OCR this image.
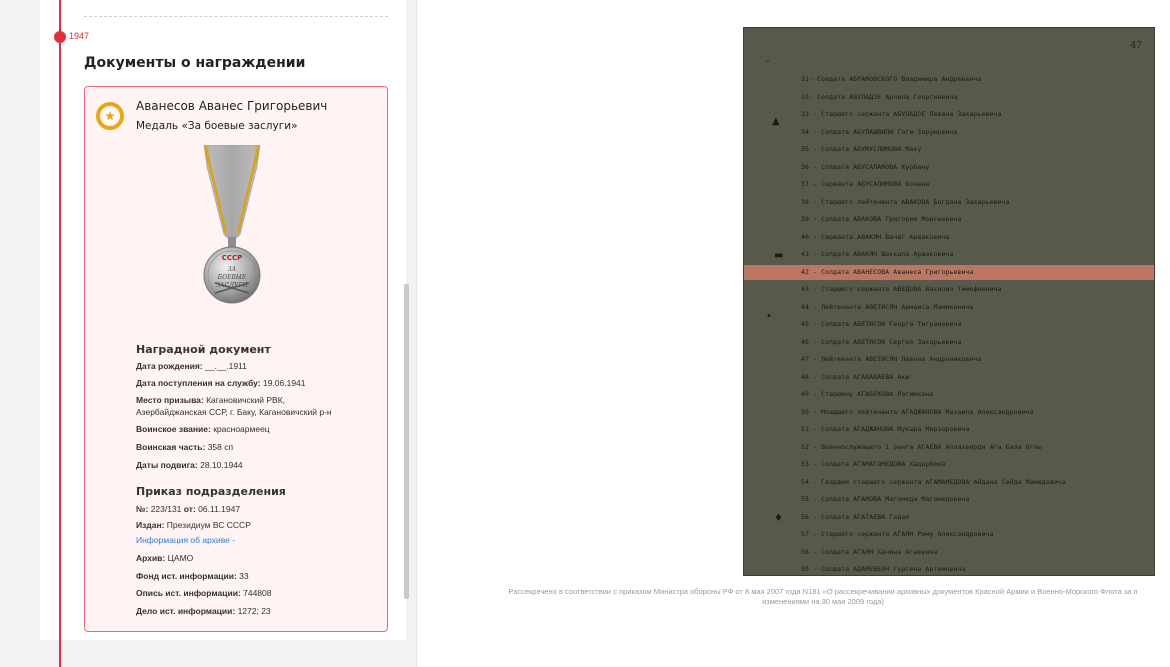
1947
Документы о награждении
Аванесов Аванес Григорьевич
Медаль «За боевые заслуги»
СССР
ЗА
БОЕВЫЕ
ЗАСЛУГИ
Наградной документ
Дата рождения: __.__.1911
Дата поступления на службу: 19.06.1941
Место призыва: Кагановичский РВК,
Азербайджанская ССР, г. Баку, Кагановичский р-н
Воинское звание: красноармеец
Воинская часть: 358 сп
Даты подвига: 28.10.1944
Приказ подразделения
№: 223/131 от: 06.11.1947
Издан: Президиум ВС СССР
Информация об архиве -
Архив: ЦАМО
Фонд ист. информации: 33
Опись ист. информации: 744808
Дело ист. информации: 1272; 23
47
-
▲
▬
•
♦
31- Солдата АБРАМОВСКОГО Владимира Андреевича
32- Солдата АБУЛАДЗЕ Арчила Георгиевича
33 - Старшего сержанта АБУЛАДЗЕ Левана Захарьевича
34 - Солдата АБУЛАШВИЛИ Гоги Зарумовича
35 - Солдата АБУМУСЛИМОВА Маху
36 - Солдата АБУСАЛАМОВА Курбану
37 - Сержанта АБУСАЛИМОВА Османа
38 - Старшего лейтенанта АВАКОВА Богдана Захарьевича
39 - Солдата АВАКОВА Григория Моисеевича
40 - Сержанта АВАКЯН Вачаг Аршаковича
41 - Солдата АВАКЯН Шахкала Аршаковича
42 - Солдата АВАНЕСОВА Аванеса Григорьевича
43 - Старшего сержанта АВЕДОВА Василия Тимофеевича
44 - Лейтенанта АВЕТИСЯН Армаиса Мамиконича
45 - Солдата АВЕТИСОВ Георга Тиграновича
46 - Солдата АВЕТИСОВ Сергея Захарьевича
47 - Лейтенанта АВЕТИСЯН Левона Андрониковича
48 - Солдата АГАБАБАЕВА Аки
49 - Старшину АГАБЕКОВА Рагимхана
50 - Младшего лейтенанта АГАДЖАНОВА Михаила Александровича
51 - Солдата АГАДЖАНОВА Мукара Мирзоровича
52 - Военнослужащего 1 ранга АГАЕВА Аллахверди Ага Бала Оглы
53 - Солдата АГАМАГОМЕДОВА Хадирбека
54 - Гвардии старшего сержанта АГАМАМЕДОВА Айдана Сейда Мамедовича
55 - Солдата АГАМОВА Магомеда Магомедовича
56 - Солдата АГАТАЕВА Гадая
57 - Старшего сержанта АГАЯН Рому Александровича
58 - Солдата АГАЯН Хачина Агаевича
59 - Солдата АДАМЕВЕАН Гургена Артемовича
Рассекречено в соответствии с приказом Министра обороны РФ от 8 мая 2007 года N181 «О рассекречивании архивных документов Красной Армии и Военно-Морского Флота за п
изменениями на 30 мая 2009 года)
